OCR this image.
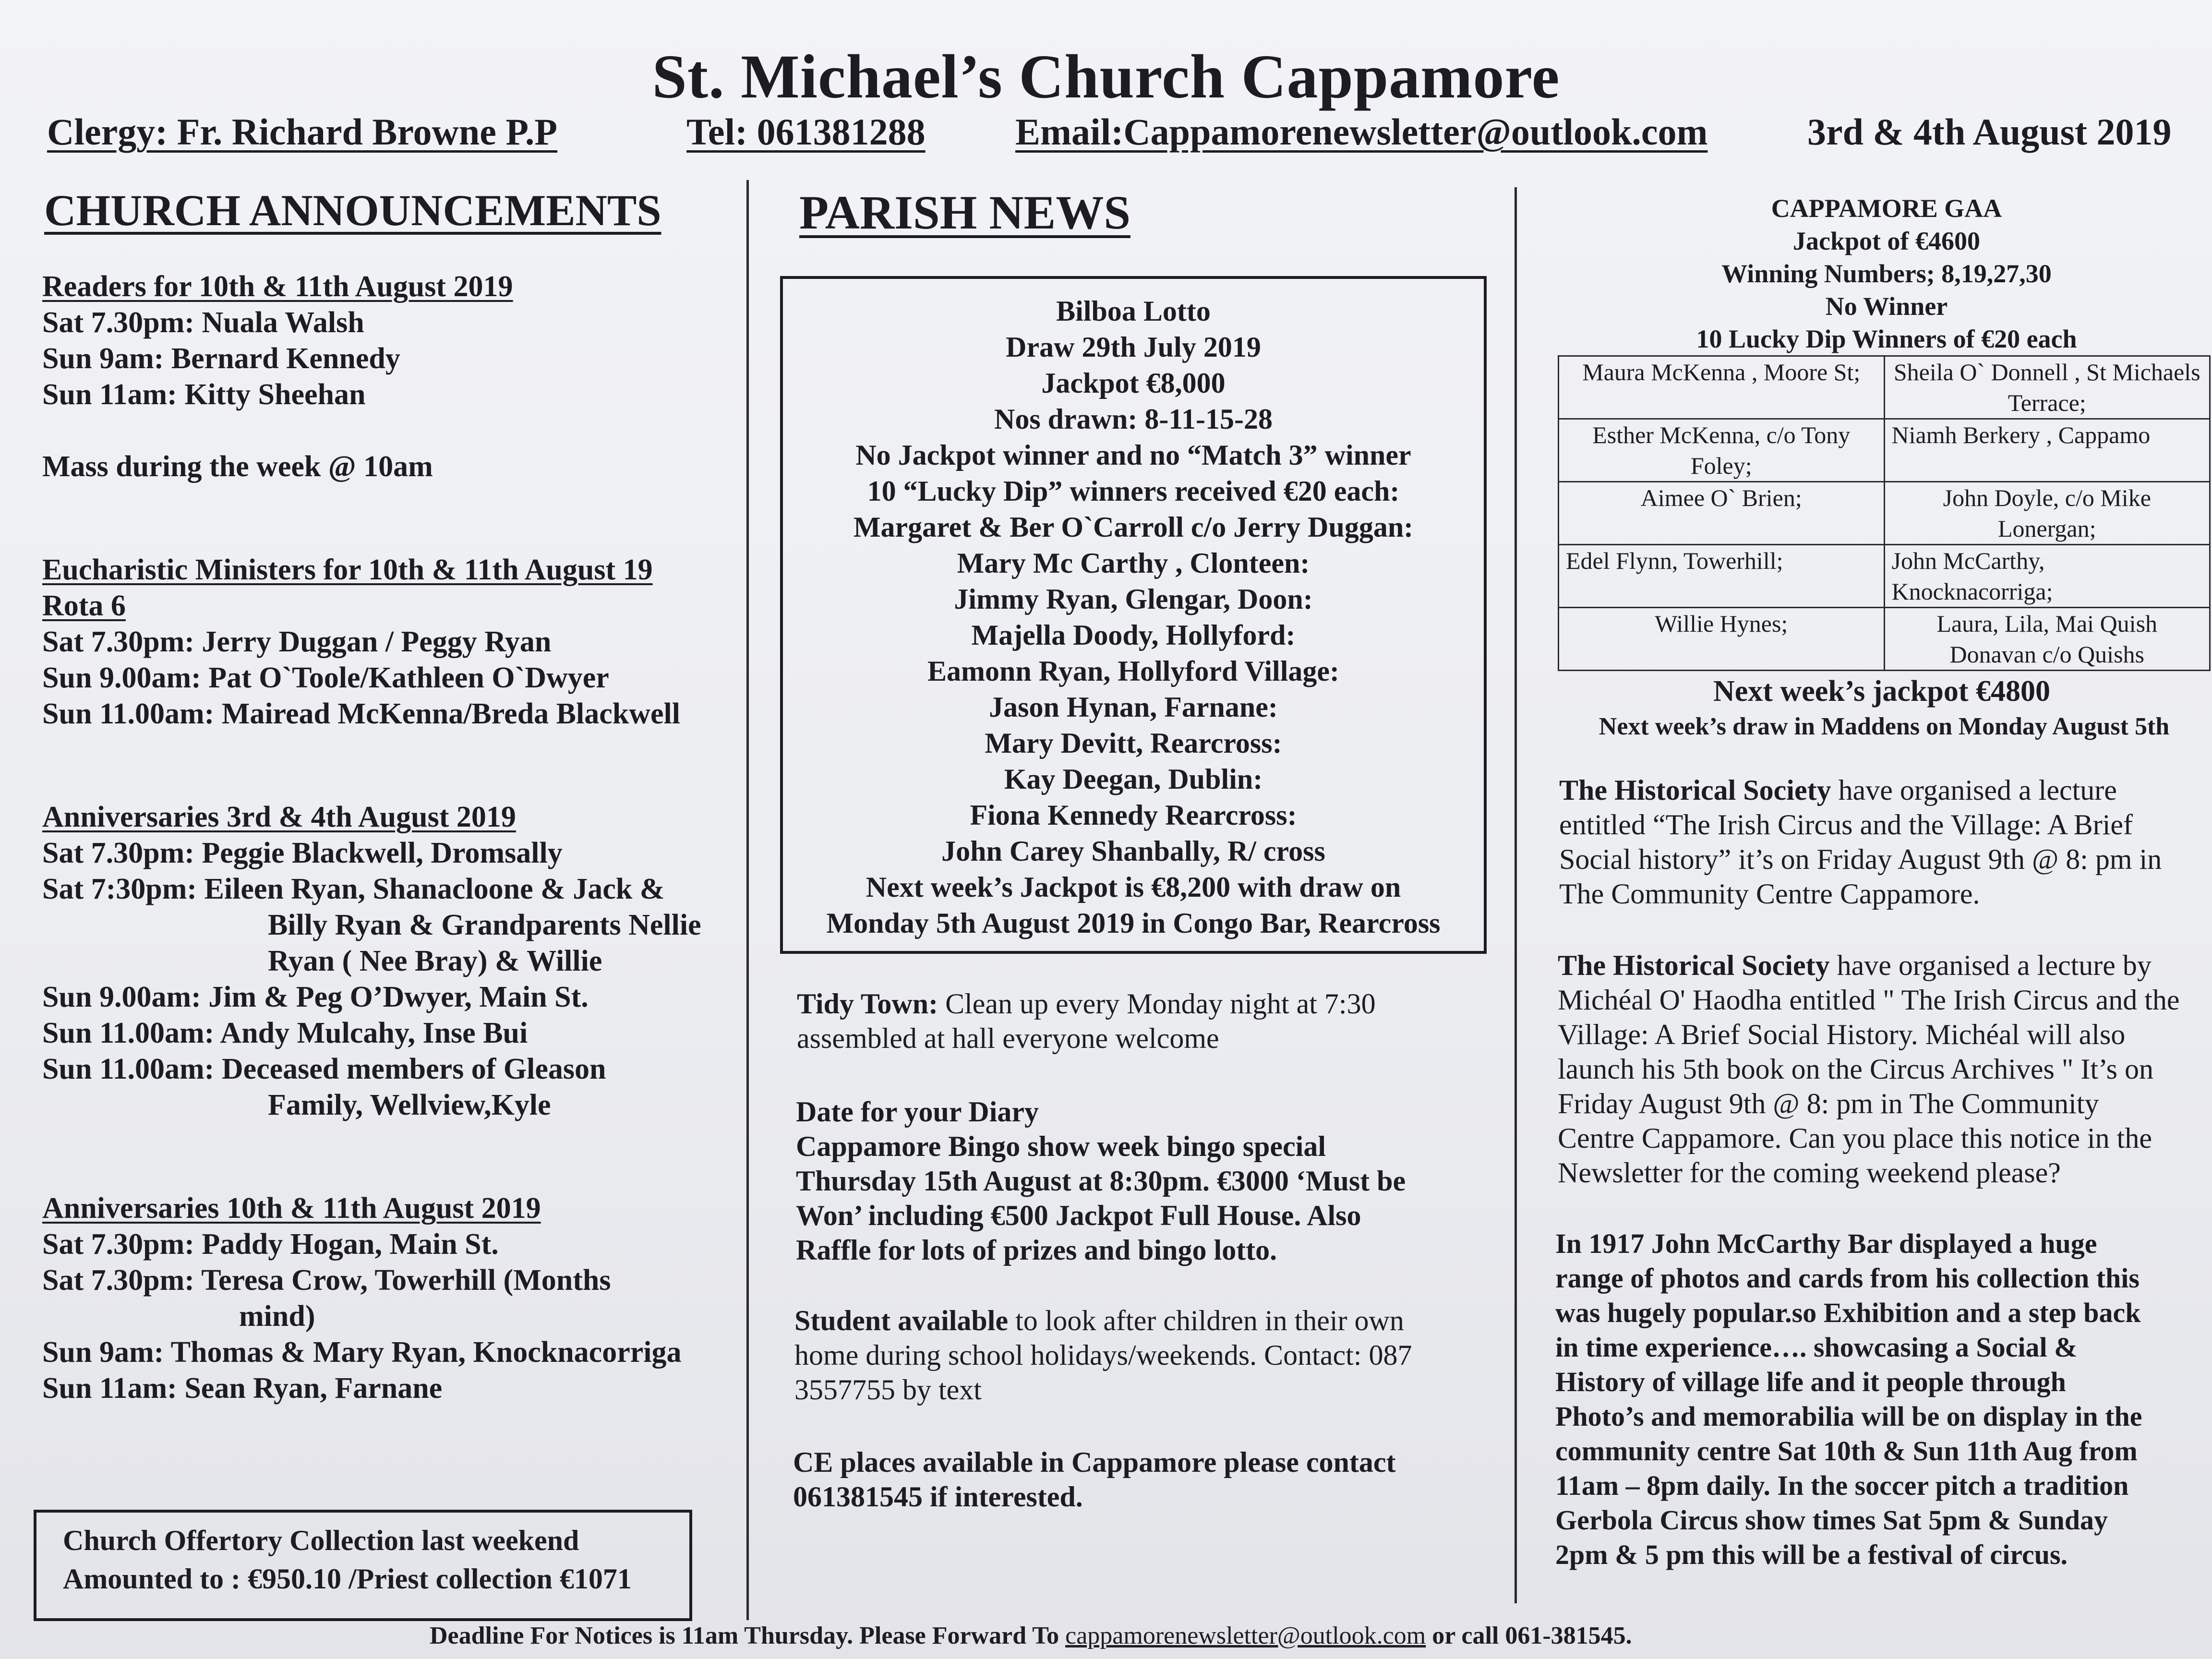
St. Michael’s Church Cappamore
Clergy: Fr. Richard Browne P.P	Tel: 061381288 Email:Cappamorenewsletter@outlook.com	3rd & 4th August 2019
CHURCH ANNOUNCEMENTS
Readers for 10th & 11th August 2019
Sat 7.30pm: Nuala Walsh
Sun 9am: Bernard Kennedy
Sun 11am: Kitty Sheehan
Mass during the week @ 10am
Eucharistic Ministers for 10th & 11th August 19
Rota 6
Sat 7.30pm: Jerry Duggan / Peggy Ryan
Sun 9.00am: Pat O`Toole/Kathleen O`Dwyer
Sun 11.00am: Mairead McKenna/Breda Blackwell
Anniversaries 3rd & 4th August 2019
Sat 7.30pm: Peggie Blackwell, Dromsally
Sat 7:30pm: Eileen Ryan, Shanacloone & Jack &
Billy Ryan & Grandparents Nellie
Ryan ( Nee Bray) & Willie
Sun 9.00am: Jim & Peg O’Dwyer, Main St.
Sun 11.00am: Andy Mulcahy, Inse Bui
Sun 11.00am: Deceased members of Gleason
Family, Wellview,Kyle
Anniversaries 10th & 11th August 2019
Sat 7.30pm: Paddy Hogan, Main St.
Sat 7.30pm: Teresa Crow, Towerhill (Months
mind)
Sun 9am: Thomas & Mary Ryan, Knocknacorriga
Sun 11am: Sean Ryan, Farnane
Church Offertory Collection last weekend
Amounted to : €950.10 /Priest collection €1071
PARISH NEWS
Bilboa Lotto
Draw 29th July 2019
Jackpot €8,000
Nos drawn: 8-11-15-28
No Jackpot winner and no “Match 3” winner
10 “Lucky Dip” winners received €20 each:
Margaret & Ber O`Carroll c/o Jerry Duggan:
Mary Mc Carthy , Clonteen:
Jimmy Ryan, Glengar, Doon:
Majella Doody, Hollyford:
Eamonn Ryan, Hollyford Village:
Jason Hynan, Farnane:
Mary Devitt, Rearcross:
Kay Deegan, Dublin:
Fiona Kennedy Rearcross:
John Carey Shanbally, R/ cross
Next week’s Jackpot is €8,200 with draw on
Monday 5th August 2019 in Congo Bar, Rearcross
Tidy Town: Clean up every Monday night at 7:30
assembled at hall everyone welcome
Date for your Diary
Cappamore Bingo show week bingo special
Thursday 15th August at 8:30pm. €3000 ‘Must be
Won’ including €500 Jackpot Full House. Also
Raffle for lots of prizes and bingo lotto.
Student available to look after children in their own
home during school holidays/weekends. Contact: 087
3557755 by text
CE places available in Cappamore please contact
061381545 if interested.
CAPPAMORE GAA
Jackpot of €4600
Winning Numbers; 8,19,27,30
No Winner
10 Lucky Dip Winners of €20 each
Maura McKenna , Moore St;	Sheila O` Donnell , St Michaels Terrace;
Esther McKenna, c/o Tony Foley;	Niamh Berkery , Cappamo
Aimee O` Brien;	John Doyle, c/o Mike Lonergan;
Edel Flynn, Towerhill;	John McCarthy, Knocknacorriga;
Willie Hynes;	Laura, Lila, Mai Quish Donavan c/o Quishs
Next week’s jackpot €4800
Next week’s draw in Maddens on Monday August 5th
The Historical Society have organised a lecture
entitled “The Irish Circus and the Village: A Brief
Social history” it’s on Friday August 9th @ 8: pm in
The Community Centre Cappamore.
The Historical Society have organised a lecture by
Michéal O' Haodha entitled " The Irish Circus and the
Village: A Brief Social History. Michéal will also
launch his 5th book on the Circus Archives " It’s on
Friday August 9th @ 8: pm in The Community
Centre Cappamore. Can you place this notice in the
Newsletter for the coming weekend please?
In 1917 John McCarthy Bar displayed a huge
range of photos and cards from his collection this
was hugely popular.so Exhibition and a step back
in time experience…. showcasing a Social &
History of village life and it people through
Photo’s and memorabilia will be on display in the
community centre Sat 10th & Sun 11th Aug from
11am – 8pm daily. In the soccer pitch a tradition
Gerbola Circus show times Sat 5pm & Sunday
2pm & 5 pm this will be a festival of circus.
Deadline For Notices is 11am Thursday. Please Forward To cappamorenewsletter@outlook.com or call 061-381545.
